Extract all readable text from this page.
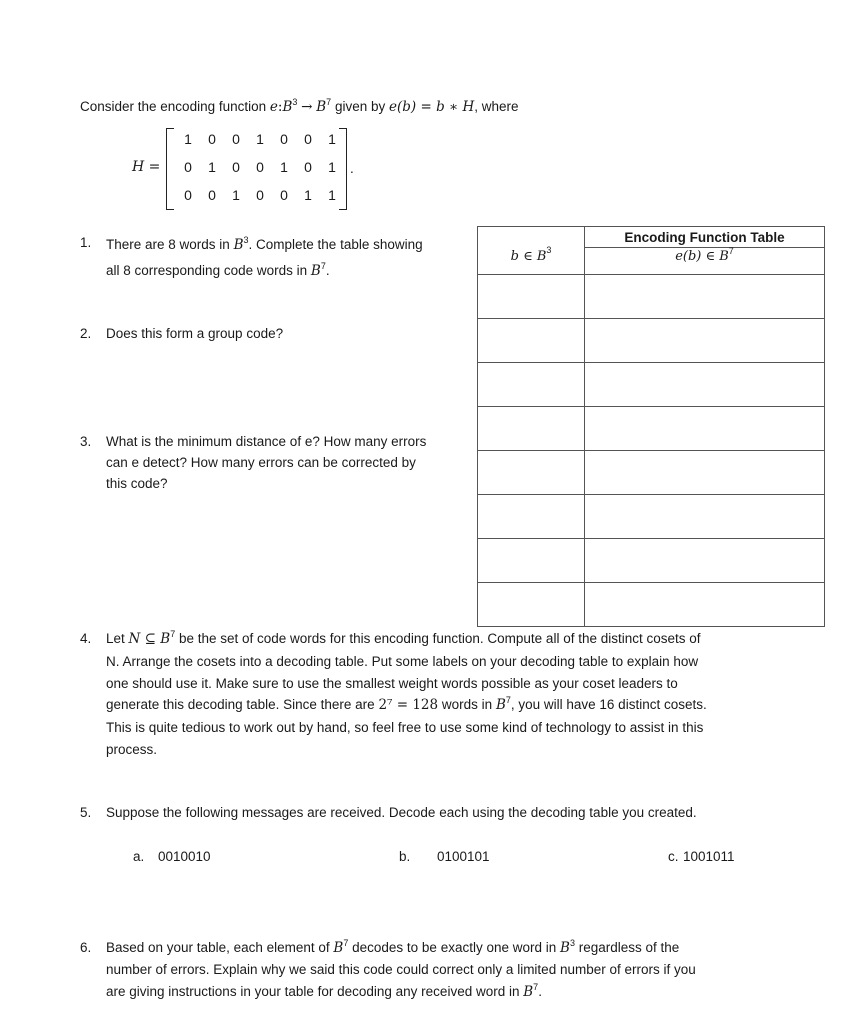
Consider the encoding function $e:B^3 \to B^7$ given by e(b) = b ∗ H, where
H =
1	0	0	1	0	0	1
0	1	0	0	1	0	1
0	0	1	0	0	1	1
.
1. There are 8 words in $B^3$. Complete the table showing
all 8 corresponding code words in $B^7$.
	Encoding Function Table
b ∈ $B^3$	e(b) ∈ $B^7$

2. Does this form a group code?
3. What is the minimum distance of e? How many errors
can e detect? How many errors can be corrected by
this code?
4. Let N ⊆ $B^7$ be the set of code words for this encoding function. Compute all of the distinct cosets of
N. Arrange the cosets into a decoding table. Put some labels on your decoding table to explain how
one should use it. Make sure to use the smallest weight words possible as your coset leaders to
generate this decoding table. Since there are 2⁷ = 128 words in $B^7$, you will have 16 distinct cosets.
This is quite tedious to work out by hand, so feel free to use some kind of technology to assist in this
process.
5. Suppose the following messages are received. Decode each using the decoding table you created.
a. 0010010	b. 0100101	c. 1001011
6. Based on your table, each element of $B^7$ decodes to be exactly one word in $B^3$ regardless of the
number of errors. Explain why we said this code could correct only a limited number of errors if you
are giving instructions in your table for decoding any received word in $B^7$.
